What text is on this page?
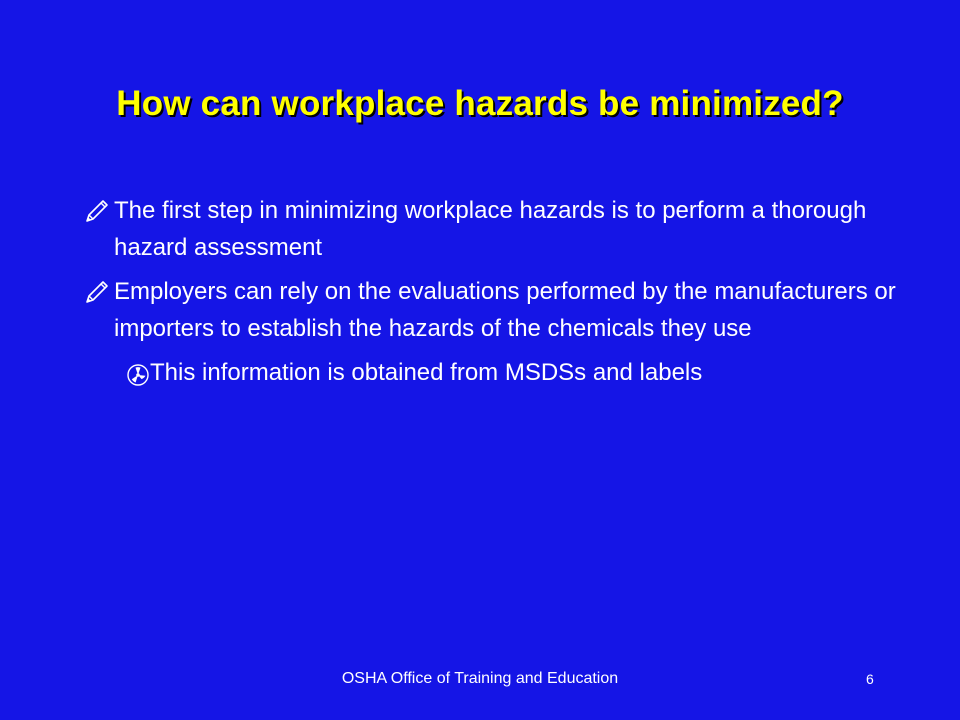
How can workplace hazards be minimized?
The first step in minimizing workplace hazards is to perform a thorough hazard assessment
Employers can rely on the evaluations performed by the manufacturers or importers to establish the hazards of the chemicals they use
This information is obtained from MSDSs and labels
OSHA Office of Training and Education	6
